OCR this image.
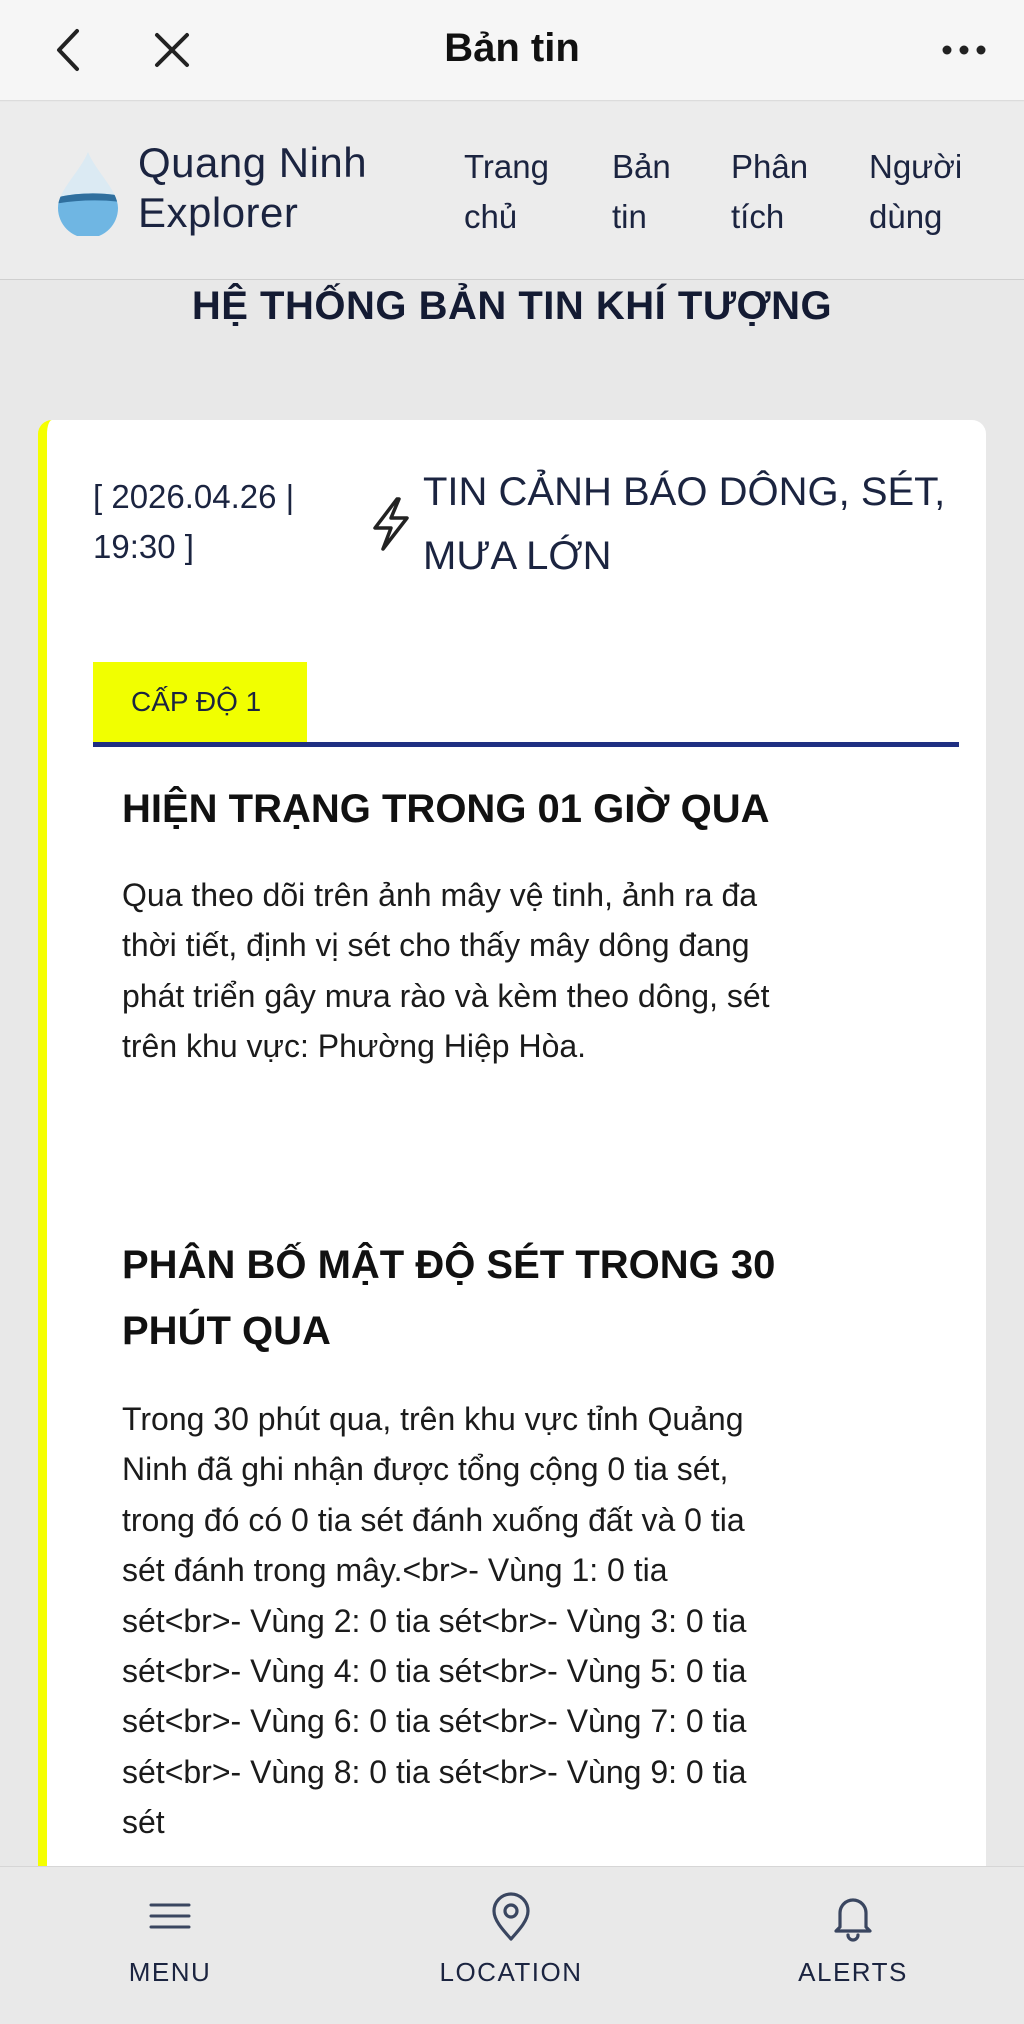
Bản tin
Quang Ninh
Explorer
Trang
chủ
Bản
tin
Phân
tích
Người
dùng
HỆ THỐNG BẢN TIN KHÍ TƯỢNG
[ 2026.04.26 |
19:30 ]
TIN CẢNH BÁO DÔNG, SÉT,
MƯA LỚN
CẤP ĐỘ 1
HIỆN TRẠNG TRONG 01 GIỜ QUA
Qua theo dõi trên ảnh mây vệ tinh, ảnh ra đa
thời tiết, định vị sét cho thấy mây dông đang
phát triển gây mưa rào và kèm theo dông, sét
trên khu vực: Phường Hiệp Hòa.
PHÂN BỐ MẬT ĐỘ SÉT TRONG 30
PHÚT QUA
Trong 30 phút qua, trên khu vực tỉnh Quảng
Ninh đã ghi nhận được tổng cộng 0 tia sét,
trong đó có 0 tia sét đánh xuống đất và 0 tia
sét đánh trong mây.<br>- Vùng 1: 0 tia
sét<br>- Vùng 2: 0 tia sét<br>- Vùng 3: 0 tia
sét<br>- Vùng 4: 0 tia sét<br>- Vùng 5: 0 tia
sét<br>- Vùng 6: 0 tia sét<br>- Vùng 7: 0 tia
sét<br>- Vùng 8: 0 tia sét<br>- Vùng 9: 0 tia
sét
MENU	LOCATION	ALERTS
